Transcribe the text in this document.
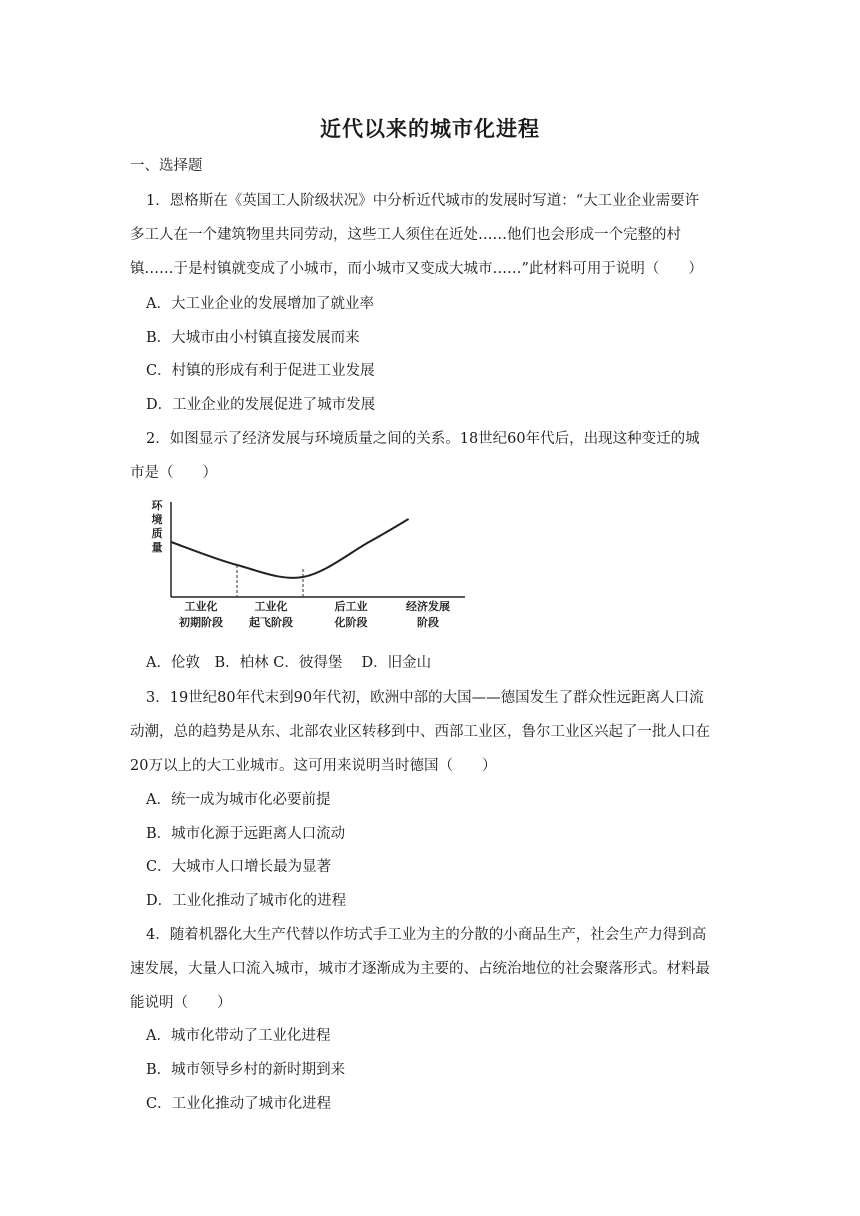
近代以来的城市化进程
一、选择题
1．恩格斯在《英国工人阶级状况》中分析近代城市的发展时写道：“大工业企业需要许
多工人在一个建筑物里共同劳动，这些工人须住在近处……他们也会形成一个完整的村
镇……于是村镇就变成了小城市，而小城市又变成大城市……”此材料可用于说明（　　）
A．大工业企业的发展增加了就业率
B．大城市由小村镇直接发展而来
C．村镇的形成有利于促进工业发展
D．工业企业的发展促进了城市发展
2．如图显示了经济发展与环境质量之间的关系。18世纪60年代后，出现这种变迁的城
市是（　　）
环
境
质
量
工业化
初期阶段
工业化
起飞阶段
后工业
化阶段
经济发展
阶段
A．伦敦　B．柏林 C．彼得堡　 D．旧金山
3．19世纪80年代末到90年代初，欧洲中部的大国——德国发生了群众性远距离人口流
动潮，总的趋势是从东、北部农业区转移到中、西部工业区，鲁尔工业区兴起了一批人口在
20万以上的大工业城市。这可用来说明当时德国（　　）
A．统一成为城市化必要前提
B．城市化源于远距离人口流动
C．大城市人口增长最为显著
D．工业化推动了城市化的进程
4．随着机器化大生产代替以作坊式手工业为主的分散的小商品生产，社会生产力得到高
速发展，大量人口流入城市，城市才逐渐成为主要的、占统治地位的社会聚落形式。材料最
能说明（　　）
A．城市化带动了工业化进程
B．城市领导乡村的新时期到来
C．工业化推动了城市化进程
